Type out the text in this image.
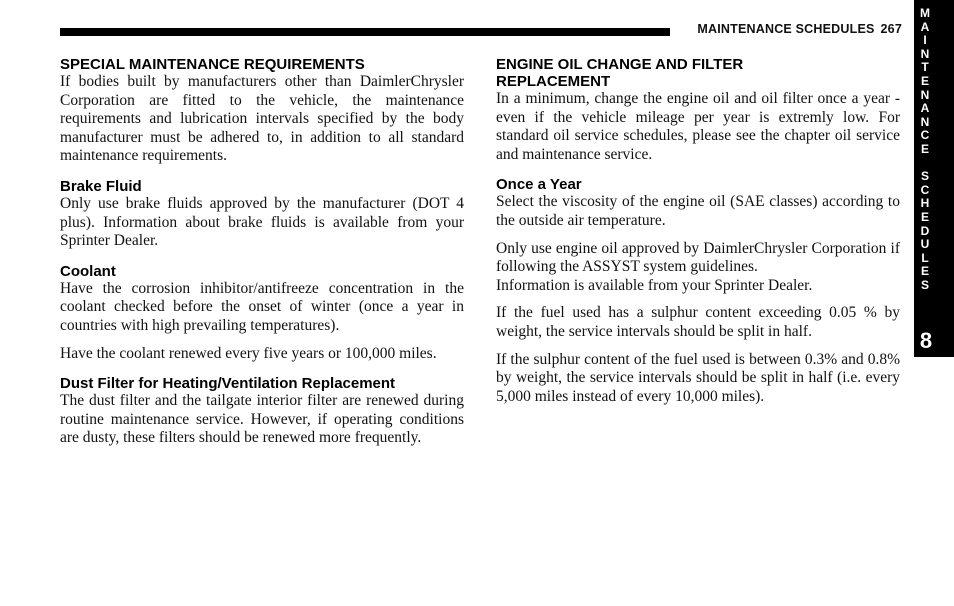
MAINTENANCE SCHEDULES 267
M
A
I
N
T
E
N
A
N
C
E
S
C
H
E
D
U
L
E
S
8
SPECIAL MAINTENANCE REQUIREMENTS

If bodies built by manufacturers other than DaimlerChrysler Corporation are fitted to the vehicle, the maintenance requirements and lubrication intervals specified by the body manufacturer must be adhered to, in addition to all standard maintenance requirements.

Brake Fluid

Only use brake fluids approved by the manufacturer (DOT 4 plus). Information about brake fluids is available from your Sprinter Dealer.

Coolant

Have the corrosion inhibitor/antifreeze concentration in the coolant checked before the onset of winter (once a year in countries with high prevailing temperatures).

Have the coolant renewed every five years or 100,000 miles.

Dust Filter for Heating/Ventilation Replacement

The dust filter and the tailgate interior filter are renewed during routine maintenance service. However, if operating conditions are dusty, these filters should be renewed more frequently.

ENGINE OIL CHANGE AND FILTER
REPLACEMENT

In a minimum, change the engine oil and oil filter once a year - even if the vehicle mileage per year is extremly low. For standard oil service schedules, please see the chapter oil service and maintenance service.

Once a Year

Select the viscosity of the engine oil (SAE classes) according to the outside air temperature.

Only use engine oil approved by DaimlerChrysler Corporation if following the ASSYST system guidelines.

Information is available from your Sprinter Dealer.

If the fuel used has a sulphur content exceeding 0.05 % by weight, the service intervals should be split in half.

If the sulphur content of the fuel used is between 0.3% and 0.8% by weight, the service intervals should be split in half (i.e. every 5,000 miles instead of every 10,000 miles).
